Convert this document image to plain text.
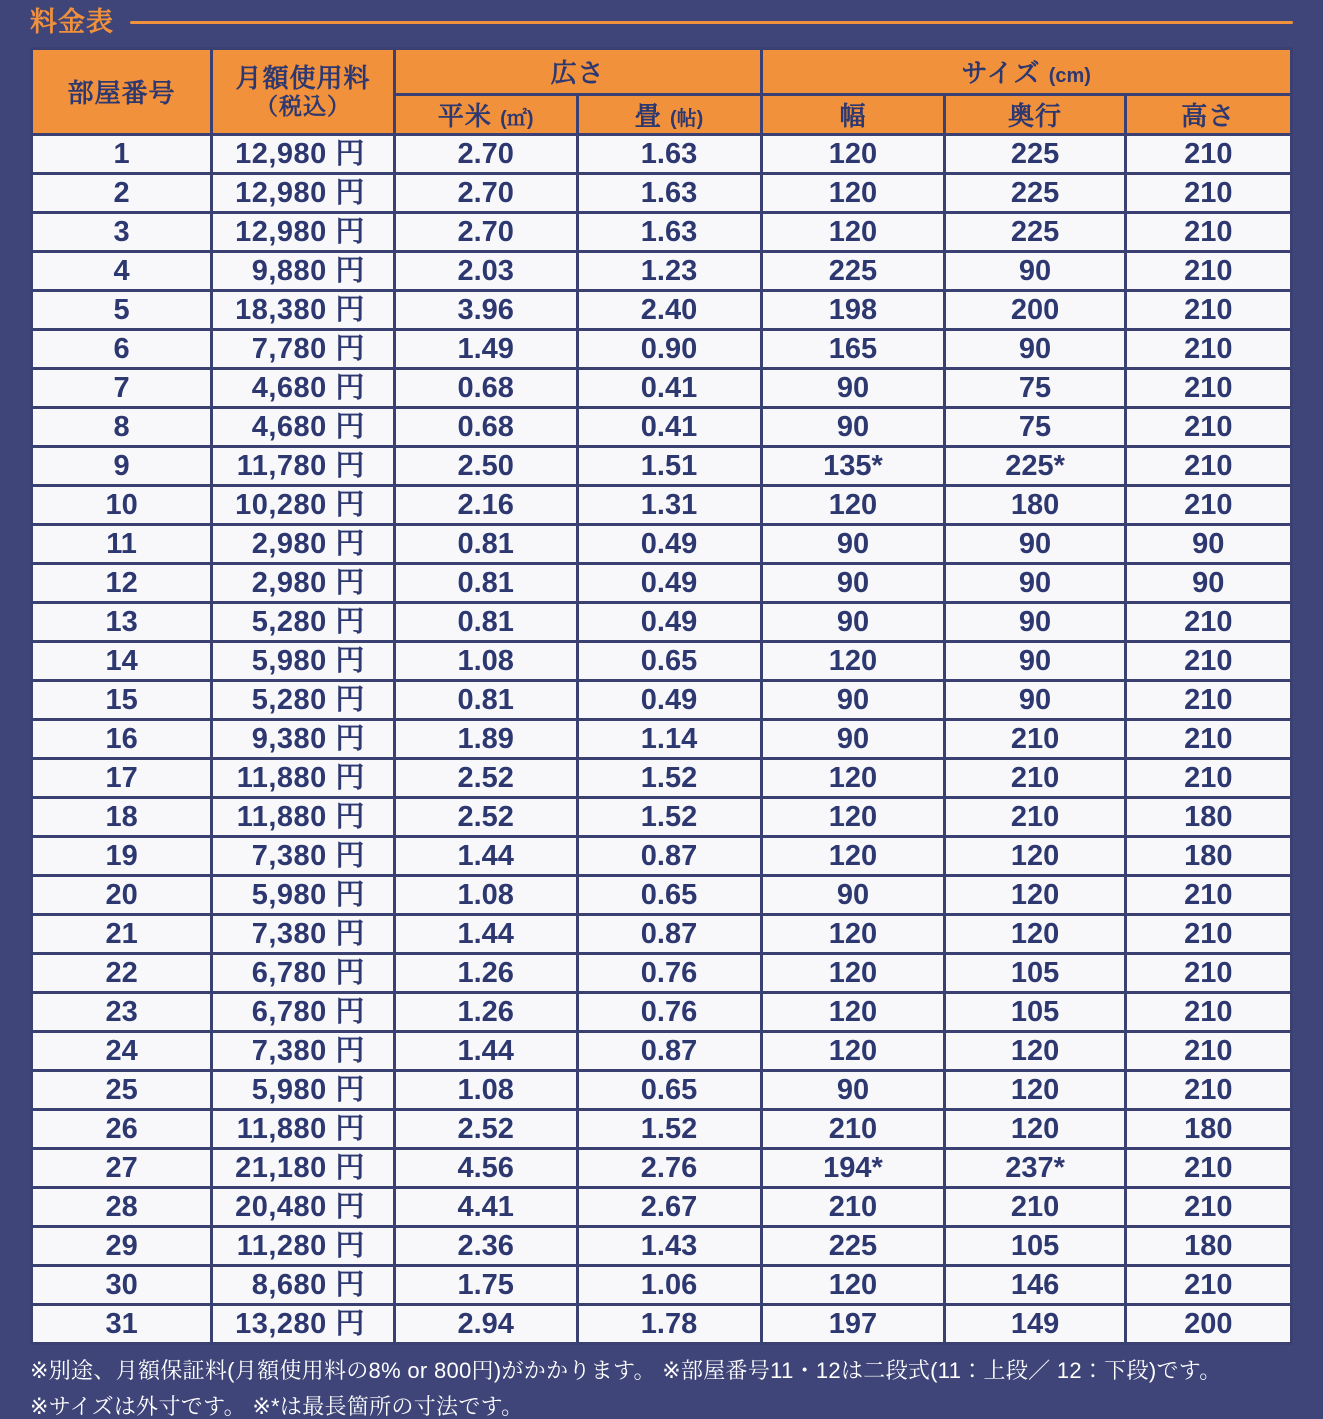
料金表
部屋番号	月額使用料
（税込）	広さ		サイズ (cm)		
		平米 (㎡)	畳 (帖)	幅	奥行	高さ
1	12,980 円	2.70	1.63	120	225	210
2	12,980 円	2.70	1.63	120	225	210
3	12,980 円	2.70	1.63	120	225	210
4	9,880 円	2.03	1.23	225	90	210
5	18,380 円	3.96	2.40	198	200	210
6	7,780 円	1.49	0.90	165	90	210
7	4,680 円	0.68	0.41	90	75	210
8	4,680 円	0.68	0.41	90	75	210
9	11,780 円	2.50	1.51	135*	225*	210
10	10,280 円	2.16	1.31	120	180	210
11	2,980 円	0.81	0.49	90	90	90
12	2,980 円	0.81	0.49	90	90	90
13	5,280 円	0.81	0.49	90	90	210
14	5,980 円	1.08	0.65	120	90	210
15	5,280 円	0.81	0.49	90	90	210
16	9,380 円	1.89	1.14	90	210	210
17	11,880 円	2.52	1.52	120	210	210
18	11,880 円	2.52	1.52	120	210	180
19	7,380 円	1.44	0.87	120	120	180
20	5,980 円	1.08	0.65	90	120	210
21	7,380 円	1.44	0.87	120	120	210
22	6,780 円	1.26	0.76	120	105	210
23	6,780 円	1.26	0.76	120	105	210
24	7,380 円	1.44	0.87	120	120	210
25	5,980 円	1.08	0.65	90	120	210
26	11,880 円	2.52	1.52	210	120	180
27	21,180 円	4.56	2.76	194*	237*	210
28	20,480 円	4.41	2.67	210	210	210
29	11,280 円	2.36	1.43	225	105	180
30	8,680 円	1.75	1.06	120	146	210
31	13,280 円	2.94	1.78	197	149	200

※別途、月額保証料(月額使用料の8% or 800円)がかかります。 ※部屋番号11・12は二段式(11：上段／ 12：下段)です。

※サイズは外寸です。 ※*は最長箇所の寸法です。
